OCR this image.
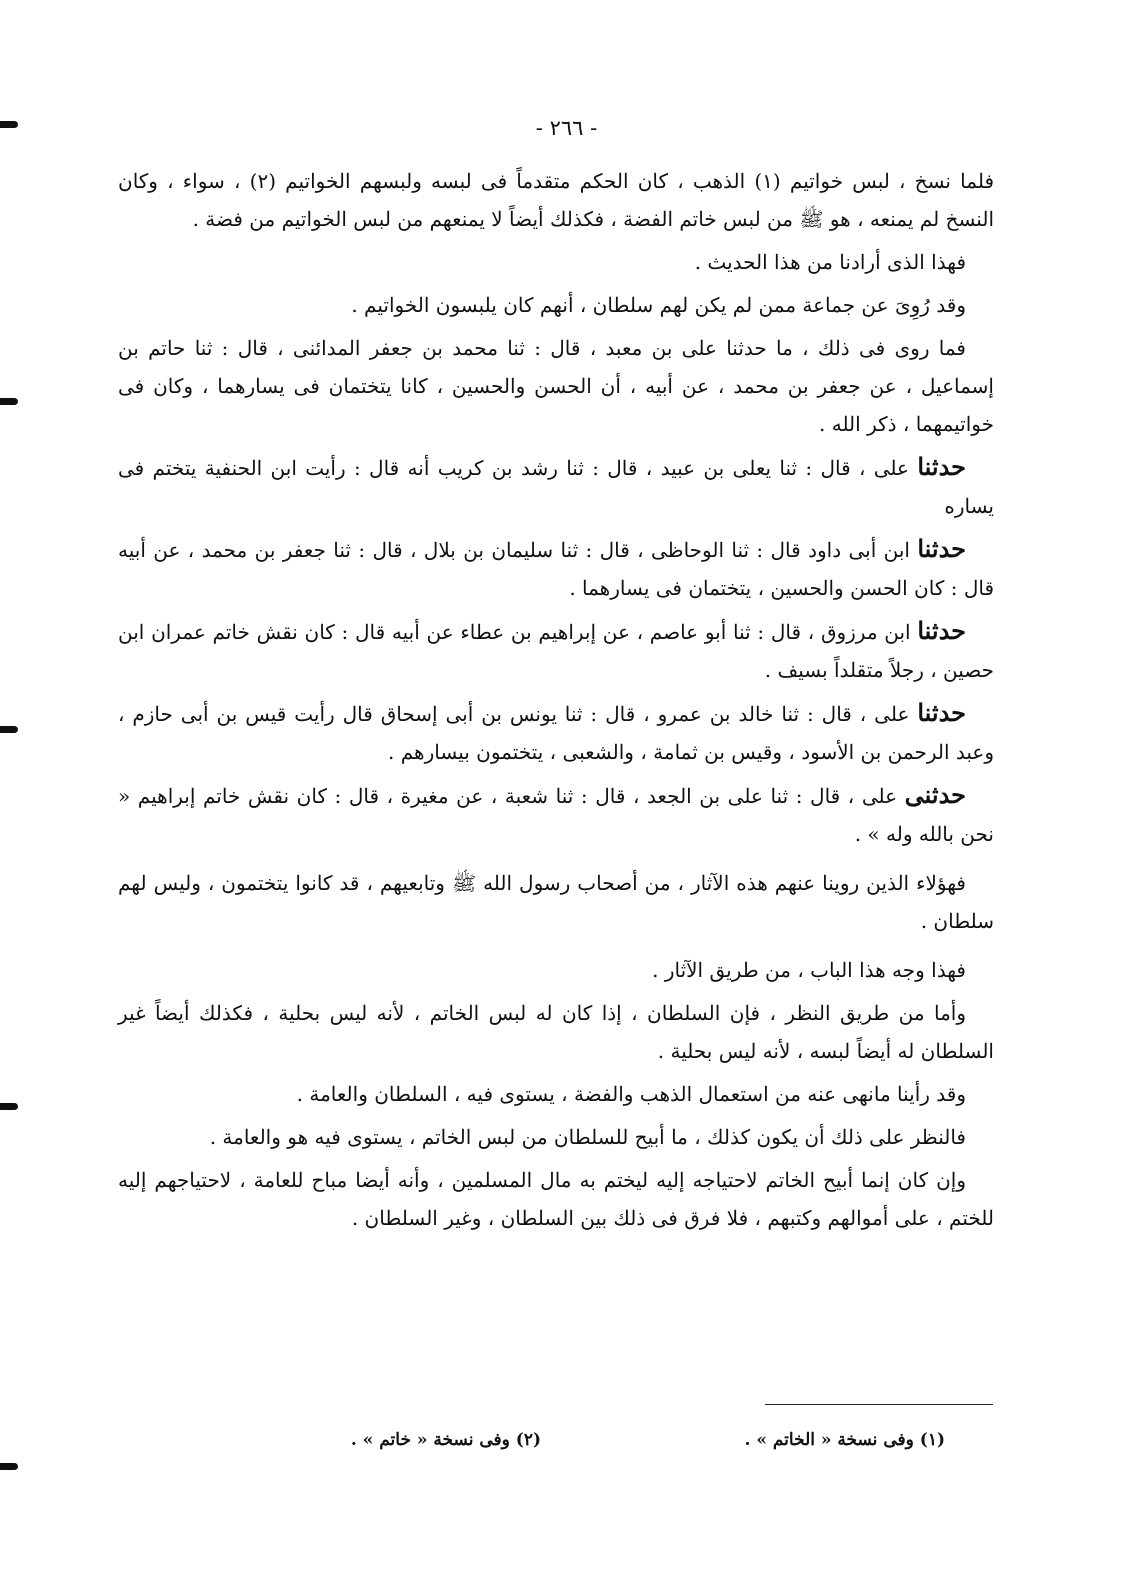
- ٢٦٦ -

فلما نسخ ، لبس خواتيم (١) الذهب ، كان الحكم متقدماً فى لبسه ولبسهم الخواتيم (٢) ، سواء ، وكان النسخ لم يمنعه ، هو ﷺ من لبس خاتم الفضة ، فكذلك أيضاً لا يمنعهم من لبس الخواتيم من فضة .

فهذا الذى أرادنا من هذا الحديث .

وقد رُوِىَ عن جماعة ممن لم يكن لهم سلطان ، أنهم كان يلبسون الخواتيم .

فما روى فى ذلك ، ما حدثنا على بن معبد ، قال : ثنا محمد بن جعفر المدائنى ، قال : ثنا حاتم بن إسماعيل ، عن جعفر بن محمد ، عن أبيه ، أن الحسن والحسين ، كانا يتختمان فى يسارهما ، وكان فى خواتيمهما ، ذكر الله .

حدثنا على ، قال : ثنا يعلى بن عبيد ، قال : ثنا رشد بن كريب أنه قال : رأيت ابن الحنفية يتختم فى يساره

حدثنا ابن أبى داود قال : ثنا الوحاظى ، قال : ثنا سليمان بن بلال ، قال : ثنا جعفر بن محمد ، عن أبيه قال : كان الحسن والحسين ، يتختمان فى يسارهما .

حدثنا ابن مرزوق ، قال : ثنا أبو عاصم ، عن إبراهيم بن عطاء عن أبيه قال : كان نقش خاتم عمران ابن حصين ، رجلاً متقلداً بسيف .

حدثنا على ، قال : ثنا خالد بن عمرو ، قال : ثنا يونس بن أبى إسحاق قال رأيت قيس بن أبى حازم ، وعبد الرحمن بن الأسود ، وقيس بن ثمامة ، والشعبى ، يتختمون بيسارهم .

حدثنى على ، قال : ثنا على بن الجعد ، قال : ثنا شعبة ، عن مغيرة ، قال : كان نقش خاتم إبراهيم « نحن بالله وله » .

فهؤلاء الذين روينا عنهم هذه الآثار ، من أصحاب رسول الله ﷺ وتابعيهم ، قد كانوا يتختمون ، وليس لهم سلطان .

فهذا وجه هذا الباب ، من طريق الآثار .

وأما من طريق النظر ، فإن السلطان ، إذا كان له لبس الخاتم ، لأنه ليس بحلية ، فكذلك أيضاً غير السلطان له أيضاً لبسه ، لأنه ليس بحلية .

وقد رأينا مانهى عنه من استعمال الذهب والفضة ، يستوى فيه ، السلطان والعامة .

فالنظر على ذلك أن يكون كذلك ، ما أبيح للسلطان من لبس الخاتم ، يستوى فيه هو والعامة .

وإن كان إنما أبيح الخاتم لاحتياجه إليه ليختم به مال المسلمين ، وأنه أيضا مباح للعامة ، لاحتياجهم إليه للختم ، على أموالهم وكتبهم ، فلا فرق فى ذلك بين السلطان ، وغير السلطان .

(١) وفى نسخة « الخاتم » .
(٢) وفى نسخة « خاتم » .
